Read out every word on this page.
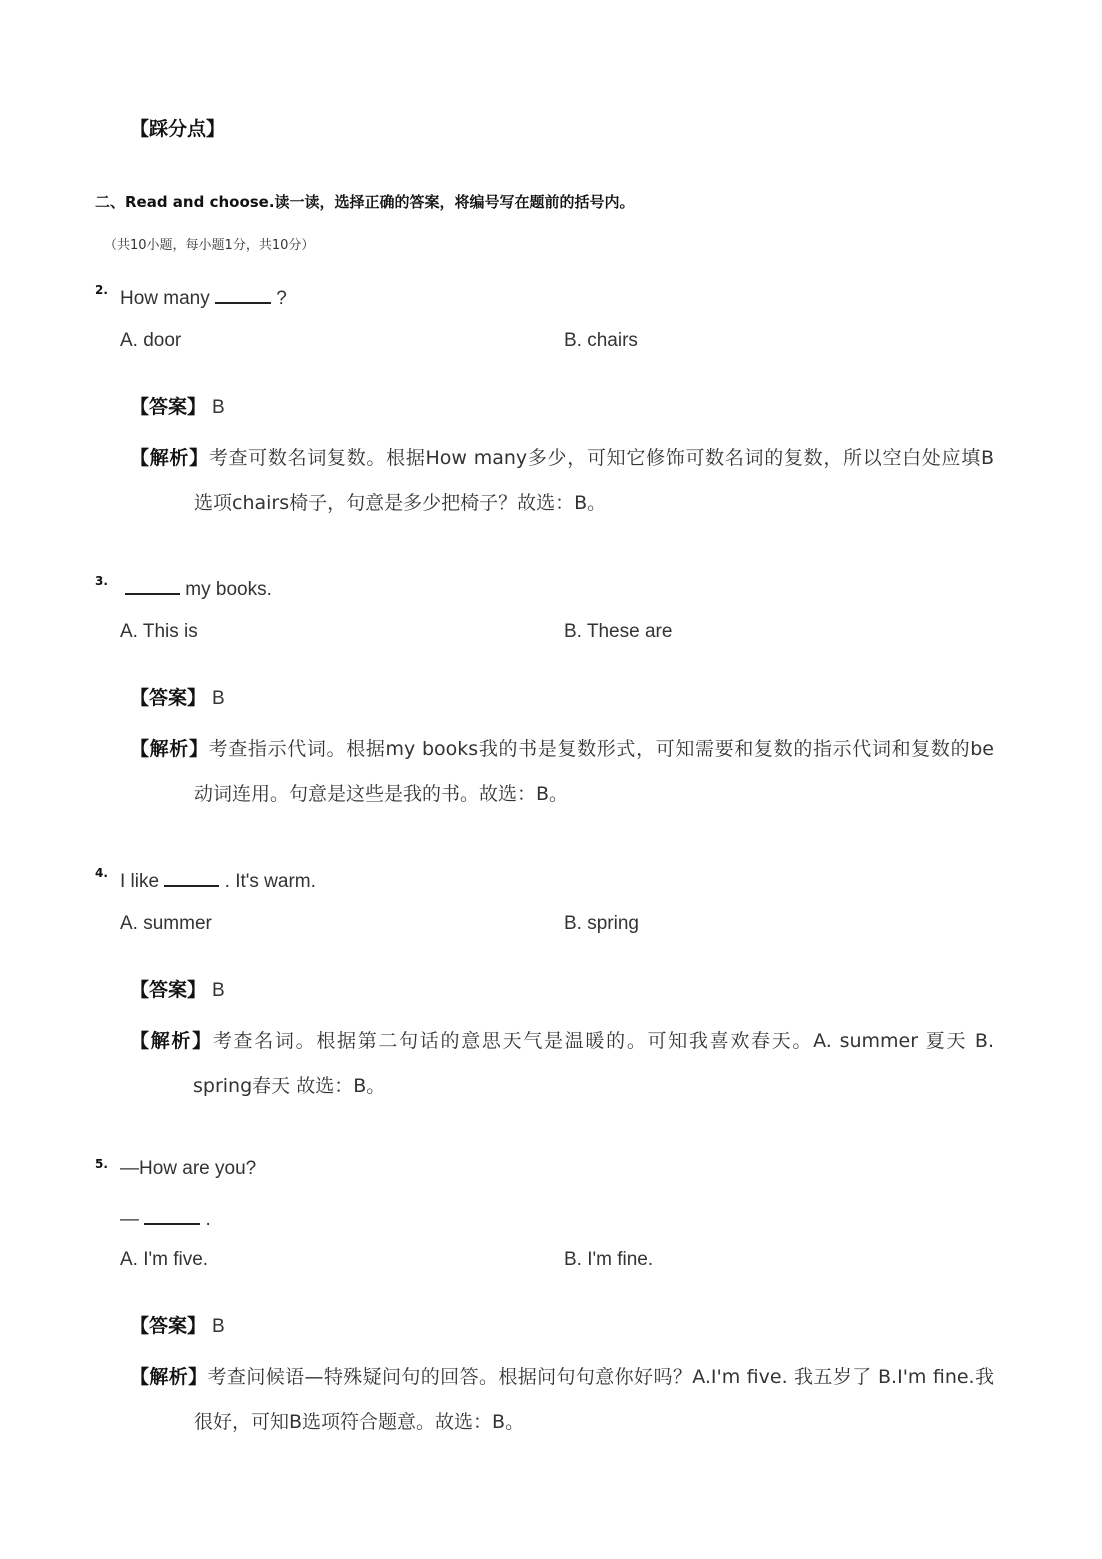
【踩分点】
二、Read and choose.读一读，选择正确的答案，将编号写在题前的括号内。
（共10小题，每小题1分，共10分）
2. How many	?
A. door	B. chairs
【答案】 B
【解析】考查可数名词复数。根据How many多少，可知它修饰可数名词的复数，所以空白处应填B
选项chairs椅子，句意是多少把椅子？故选：B。
3.	my books.
A. This is	B. These are
【答案】 B
【解析】考查指示代词。根据my books我的书是复数形式，可知需要和复数的指示代词和复数的be
动词连用。句意是这些是我的书。故选：B。
4. I like	. It's warm.
A. summer	B. spring
【答案】 B
【解析】考查名词。根据第二句话的意思天气是温暖的。可知我喜欢春天。A. summer 夏天 B.
spring春天 故选：B。
5. —How are you?
—	.
A. I'm five.	B. I'm fine.
【答案】 B
【解析】考查问候语—特殊疑问句的回答。根据问句句意你好吗？A.I'm five. 我五岁了 B.I'm fine.我
很好，可知B选项符合题意。故选：B。
